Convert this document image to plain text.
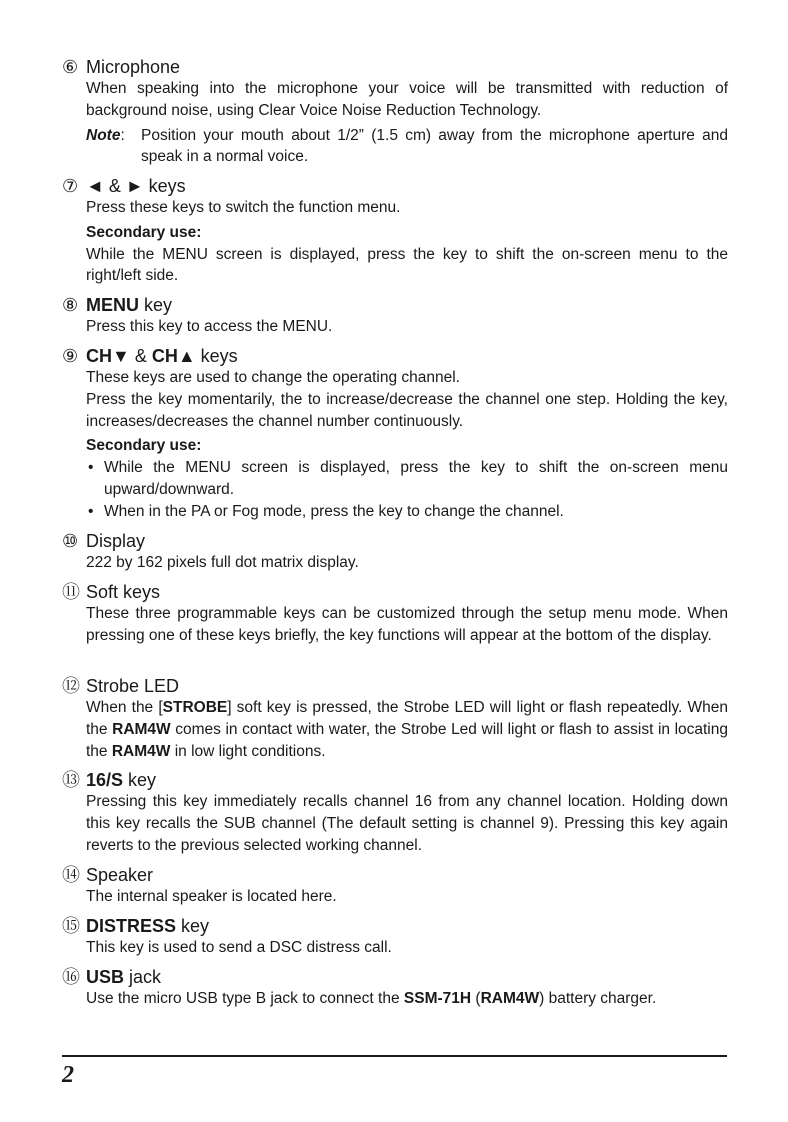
⑥ Microphone

When speaking into the microphone your voice will be transmitted with reduction of background noise, using Clear Voice Noise Reduction Technology.

Note:	Position your mouth about 1/2” (1.5 cm) away from the microphone aperture and speak in a normal voice.
⑦ ◄ & ► keys

Press these keys to switch the function menu.

Secondary use:

While the MENU screen is displayed, press the key to shift the on-screen menu to the right/left side.

⑧ MENU key

Press this key to access the MENU.

⑨ CH▼ & CH▲ keys

These keys are used to change the operating channel.

Press the key momentarily, the to increase/decrease the channel one step. Holding the key, increases/decreases the channel number continuously.

Secondary use:

• While the MENU screen is displayed, press the key to shift the on-screen menu upward/downward.
• When in the PA or Fog mode, press the key to change the channel.
⑩ Display

222 by 162 pixels full dot matrix display.

⑪ Soft keys

These three programmable keys can be customized through the setup menu mode. When pressing one of these keys briefly, the key functions will appear at the bottom of the display.

⑫ Strobe LED

When the [STROBE] soft key is pressed, the Strobe LED will light or flash repeatedly. When the RAM4W comes in contact with water, the Strobe Led will light or flash to assist in locating the RAM4W in low light conditions.

⑬ 16/S key

Pressing this key immediately recalls channel 16 from any channel location. Holding down this key recalls the SUB channel (The default setting is channel 9). Pressing this key again reverts to the previous selected working channel.

⑭ Speaker

The internal speaker is located here.

⑮ DISTRESS key

This key is used to send a DSC distress call.

⑯ USB jack

Use the micro USB type B jack to connect the SSM-71H (RAM4W) battery charger.

2
